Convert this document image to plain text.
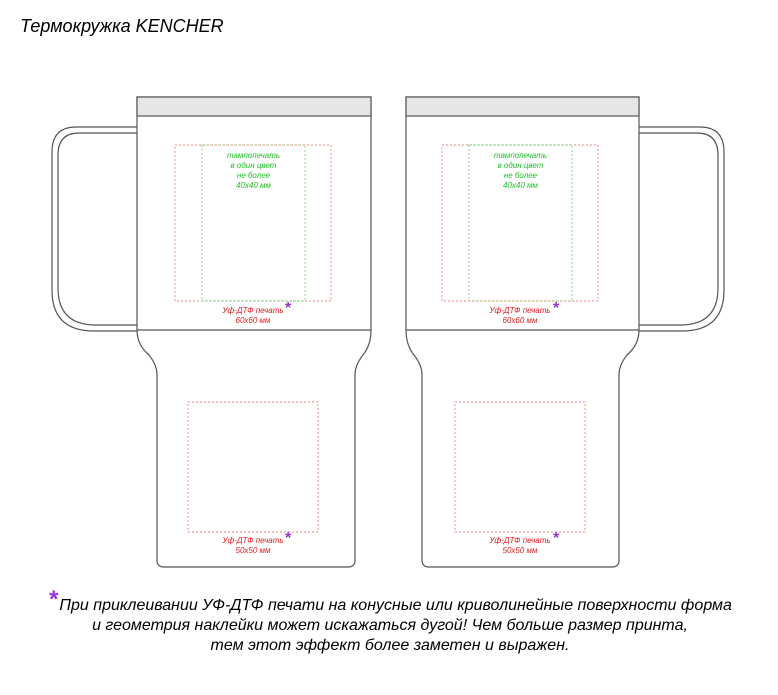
Термокружка KENCHER
тампопечать
в один цвет
не более
40х40 мм
Уф-ДТФ печать
60х60 мм
*
Уф-ДТФ печать
50х50 мм
*
тампопечать
в один цвет
не более
40х40 мм
Уф-ДТФ печать
60х60 мм
*
Уф-ДТФ печать
50х50 мм
*
* При приклеивании УФ-ДТФ печати на конусные или криволинейные поверхности форма
и геометрия наклейки может искажаться дугой! Чем больше размер принта,
тем этот эффект более заметен и выражен.
